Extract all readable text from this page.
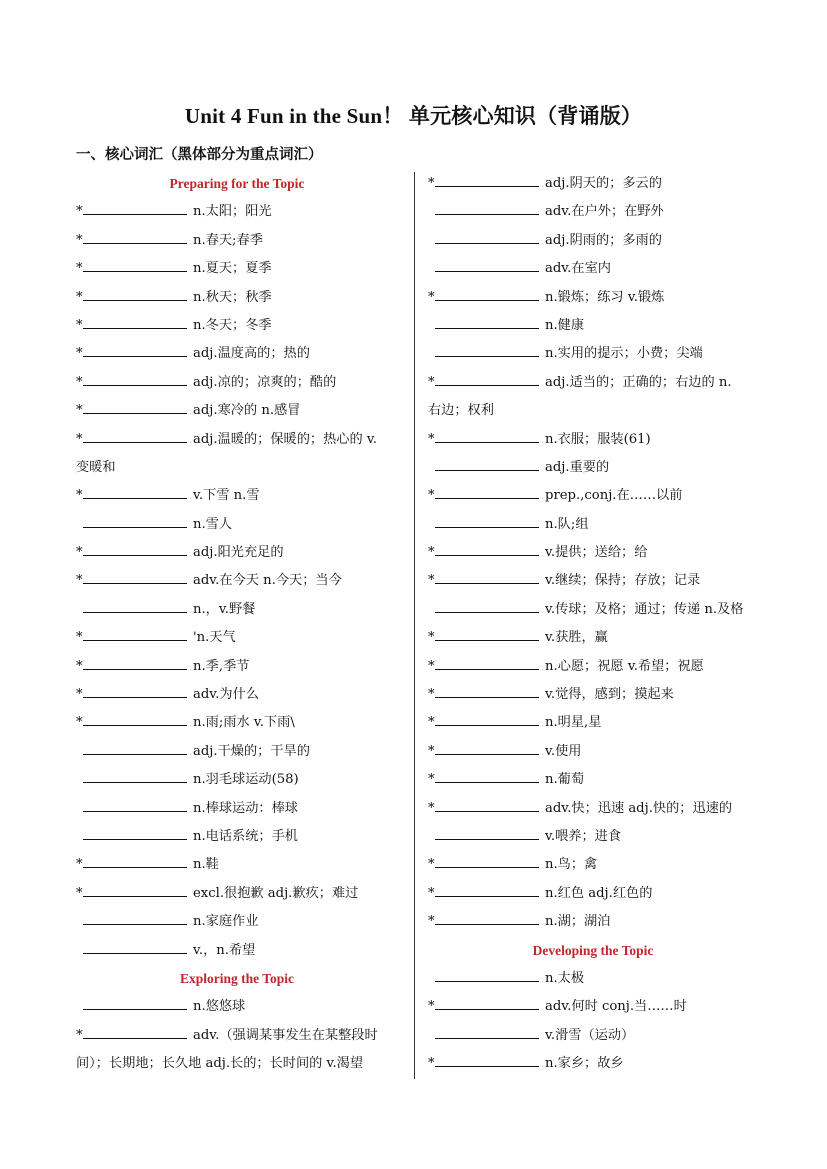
Unit 4 Fun in the Sun！ 单元核心知识（背诵版）
一、核心词汇（黑体部分为重点词汇）
Preparing for the Topic
*	n.太阳；阳光
*	n.春天;春季
*	n.夏天；夏季
*	n.秋天；秋季
*	n.冬天；冬季
*	adj.温度高的；热的
*	adj.凉的；凉爽的；酷的
*	adj.寒冷的 n.感冒
*	adj.温暖的；保暖的；热心的 v.
变暖和
*	v.下雪 n.雪
n.雪人
*	adj.阳光充足的
*	adv.在今天 n.今天；当今
n.，v.野餐
*	'n.天气
*	n.季,季节
*	adv.为什么
*	n.雨;雨水 v.下雨\
adj.干燥的；干旱的
n.羽毛球运动(58)
n.棒球运动：棒球
n.电话系统；手机
*	n.鞋
*	excl.很抱歉 adj.歉疚；难过
n.家庭作业
v.，n.希望
Exploring the Topic
n.悠悠球
*	adv.（强调某事发生在某整段时
间）；长期地；长久地 adj.长的；长时间的 v.渴望
*	adj.阴天的；多云的
adv.在户外；在野外
adj.阴雨的；多雨的
adv.在室内
*	n.锻炼；练习 v.锻炼
n.健康
n.实用的提示；小费；尖端
*	adj.适当的；正确的；右边的 n.
右边；权利
*	n.衣服；服装(61)
adj.重要的
*	prep.,conj.在……以前
n.队;组
*	v.提供；送给；给
*	v.继续；保持；存放；记录
v.传球；及格；通过；传递 n.及格
*	v.获胜，赢
*	n.心愿；祝愿 v.希望；祝愿
*	v.觉得，感到；摸起来
*	n.明星,星
*	v.使用
*	n.葡萄
*	adv.快；迅速 adj.快的；迅速的
v.喂养；进食
*	n.鸟；禽
*	n.红色 adj.红色的
*	n.湖；湖泊
Developing the Topic
n.太极
*	adv.何时 conj.当……时
v.滑雪（运动）
*	n.家乡；故乡
